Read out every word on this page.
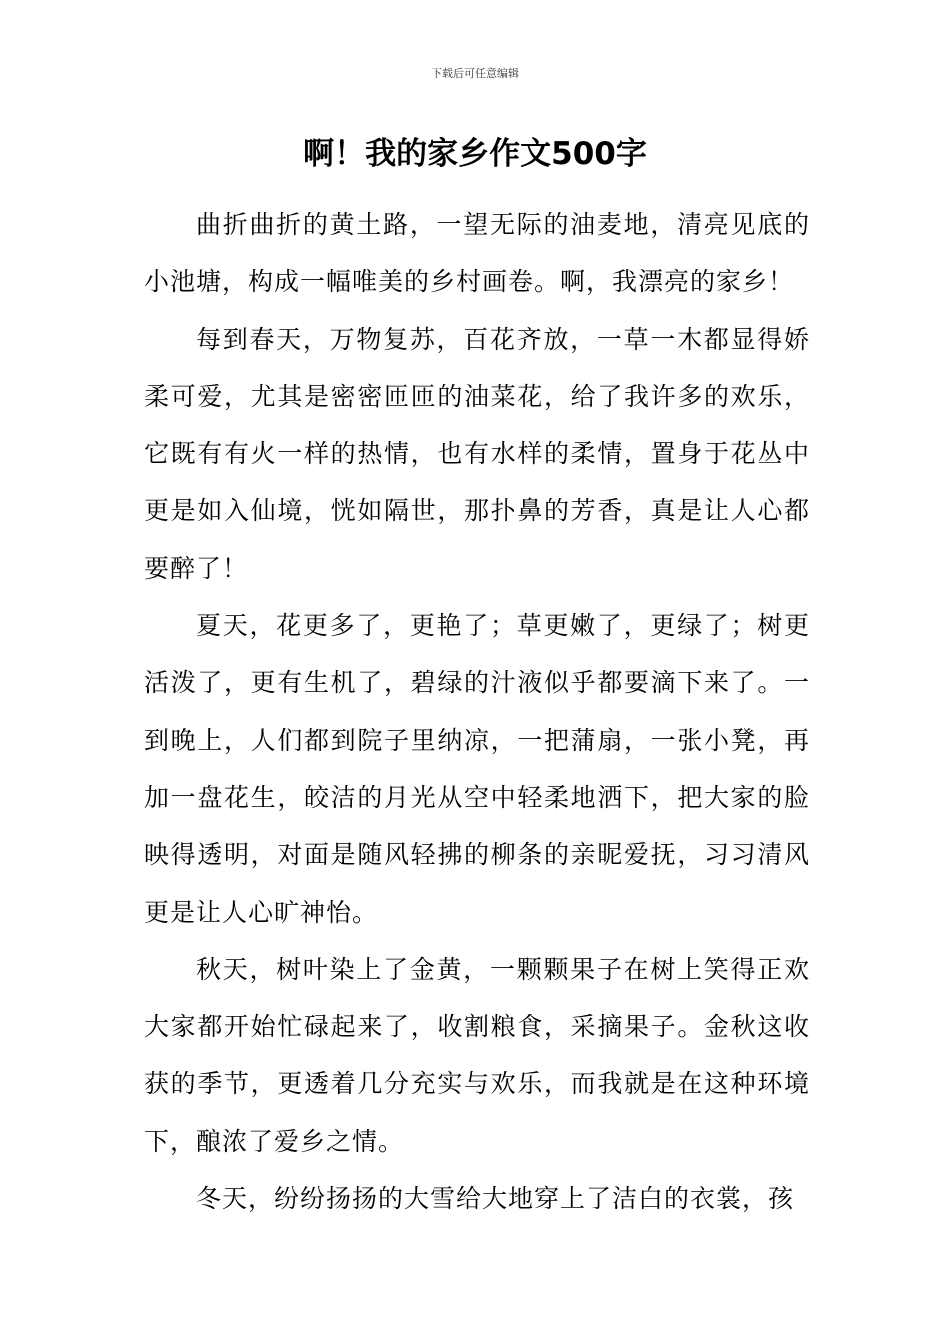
下载后可任意编辑
啊！我的家乡作文500字

曲折曲折的黄土路，一望无际的油麦地，清亮见底的小池塘，构成一幅唯美的乡村画卷。啊，我漂亮的家乡！

每到春天，万物复苏，百花齐放，一草一木都显得娇柔可爱，尤其是密密匝匝的油菜花，给了我许多的欢乐，它既有有火一样的热情，也有水样的柔情，置身于花丛中更是如入仙境，恍如隔世，那扑鼻的芳香，真是让人心都要醉了！

夏天，花更多了，更艳了；草更嫩了，更绿了；树更活泼了，更有生机了，碧绿的汁液似乎都要滴下来了。一到晚上，人们都到院子里纳凉，一把蒲扇，一张小凳，再加一盘花生，皎洁的月光从空中轻柔地洒下，把大家的脸映得透明，对面是随风轻拂的柳条的亲昵爱抚，习习清风更是让人心旷神怡。

秋天，树叶染上了金黄，一颗颗果子在树上笑得正欢大家都开始忙碌起来了，收割粮食，采摘果子。金秋这收获的季节，更透着几分充实与欢乐，而我就是在这种环境下，酿浓了爱乡之情。

冬天，纷纷扬扬的大雪给大地穿上了洁白的衣裳，孩
